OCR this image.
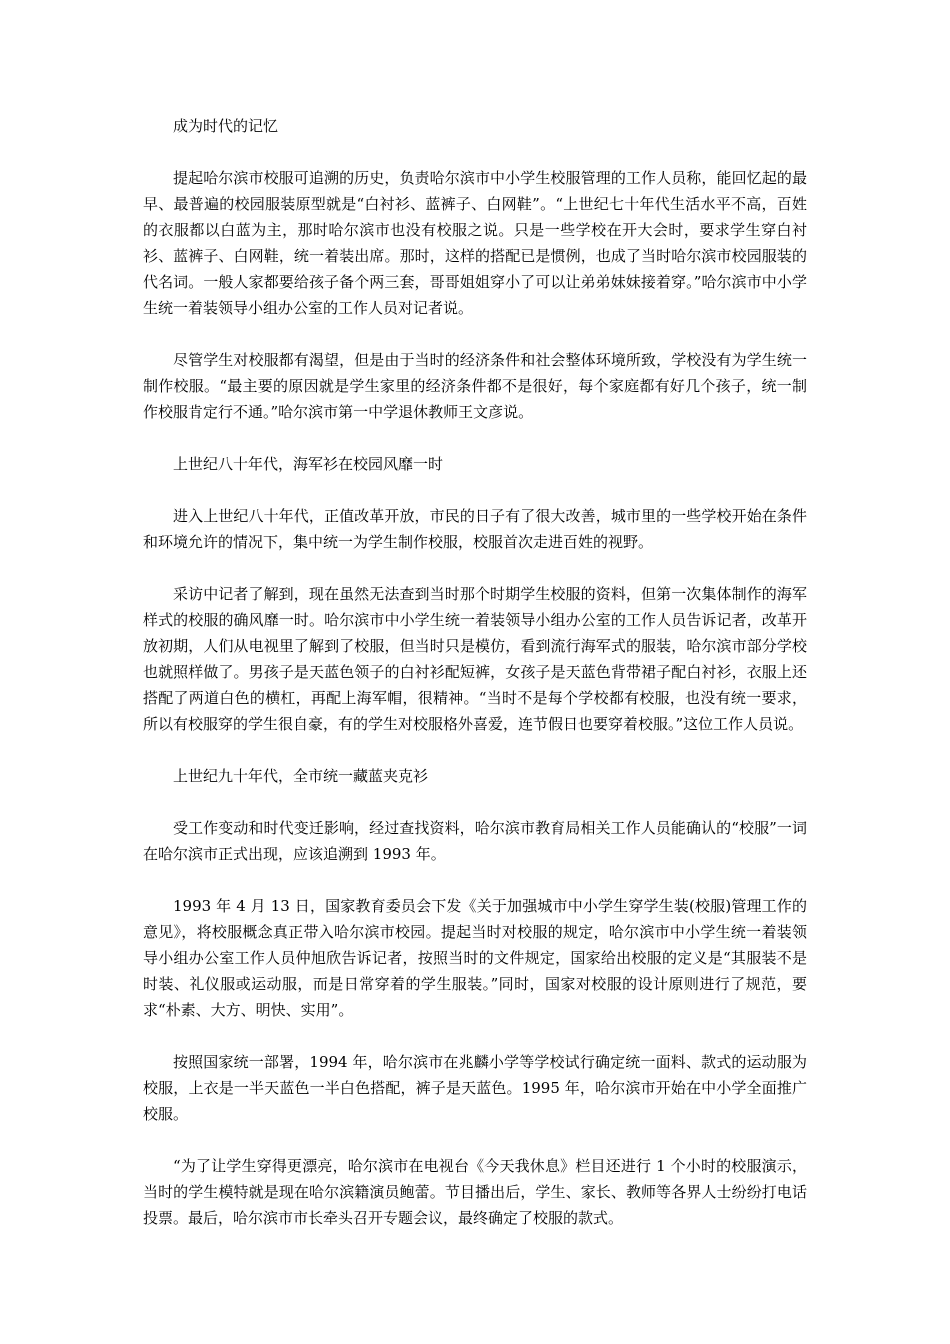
成为时代的记忆

提起哈尔滨市校服可追溯的历史，负责哈尔滨市中小学生校服管理的工作人员称，能回忆起的最早、最普遍的校园服装原型就是“白衬衫、蓝裤子、白网鞋”。“上世纪七十年代生活水平不高，百姓的衣服都以白蓝为主，那时哈尔滨市也没有校服之说。只是一些学校在开大会时，要求学生穿白衬衫、蓝裤子、白网鞋，统一着装出席。那时，这样的搭配已是惯例，也成了当时哈尔滨市校园服装的代名词。一般人家都要给孩子备个两三套，哥哥姐姐穿小了可以让弟弟妹妹接着穿。”哈尔滨市中小学生统一着装领导小组办公室的工作人员对记者说。

尽管学生对校服都有渴望，但是由于当时的经济条件和社会整体环境所致，学校没有为学生统一制作校服。“最主要的原因就是学生家里的经济条件都不是很好，每个家庭都有好几个孩子，统一制作校服肯定行不通。”哈尔滨市第一中学退休教师王文彦说。

上世纪八十年代，海军衫在校园风靡一时

进入上世纪八十年代，正值改革开放，市民的日子有了很大改善，城市里的一些学校开始在条件和环境允许的情况下，集中统一为学生制作校服，校服首次走进百姓的视野。

采访中记者了解到，现在虽然无法查到当时那个时期学生校服的资料，但第一次集体制作的海军样式的校服的确风靡一时。哈尔滨市中小学生统一着装领导小组办公室的工作人员告诉记者，改革开放初期，人们从电视里了解到了校服，但当时只是模仿，看到流行海军式的服装，哈尔滨市部分学校也就照样做了。男孩子是天蓝色领子的白衬衫配短裤，女孩子是天蓝色背带裙子配白衬衫，衣服上还搭配了两道白色的横杠，再配上海军帽，很精神。“当时不是每个学校都有校服，也没有统一要求，所以有校服穿的学生很自豪，有的学生对校服格外喜爱，连节假日也要穿着校服。”这位工作人员说。

上世纪九十年代，全市统一藏蓝夹克衫

受工作变动和时代变迁影响，经过查找资料，哈尔滨市教育局相关工作人员能确认的“校服”一词在哈尔滨市正式出现，应该追溯到 1993 年。

1993 年 4 月 13 日，国家教育委员会下发《关于加强城市中小学生穿学生装(校服)管理工作的意见》，将校服概念真正带入哈尔滨市校园。提起当时对校服的规定，哈尔滨市中小学生统一着装领导小组办公室工作人员仲旭欣告诉记者，按照当时的文件规定，国家给出校服的定义是“其服装不是时装、礼仪服或运动服，而是日常穿着的学生服装。”同时，国家对校服的设计原则进行了规范，要求“朴素、大方、明快、实用”。

按照国家统一部署，1994 年，哈尔滨市在兆麟小学等学校试行确定统一面料、款式的运动服为校服，上衣是一半天蓝色一半白色搭配，裤子是天蓝色。1995 年，哈尔滨市开始在中小学全面推广校服。

“为了让学生穿得更漂亮，哈尔滨市在电视台《今天我休息》栏目还进行 1 个小时的校服演示，当时的学生模特就是现在哈尔滨籍演员鲍蕾。节目播出后，学生、家长、教师等各界人士纷纷打电话投票。最后，哈尔滨市市长牵头召开专题会议，最终确定了校服的款式。
